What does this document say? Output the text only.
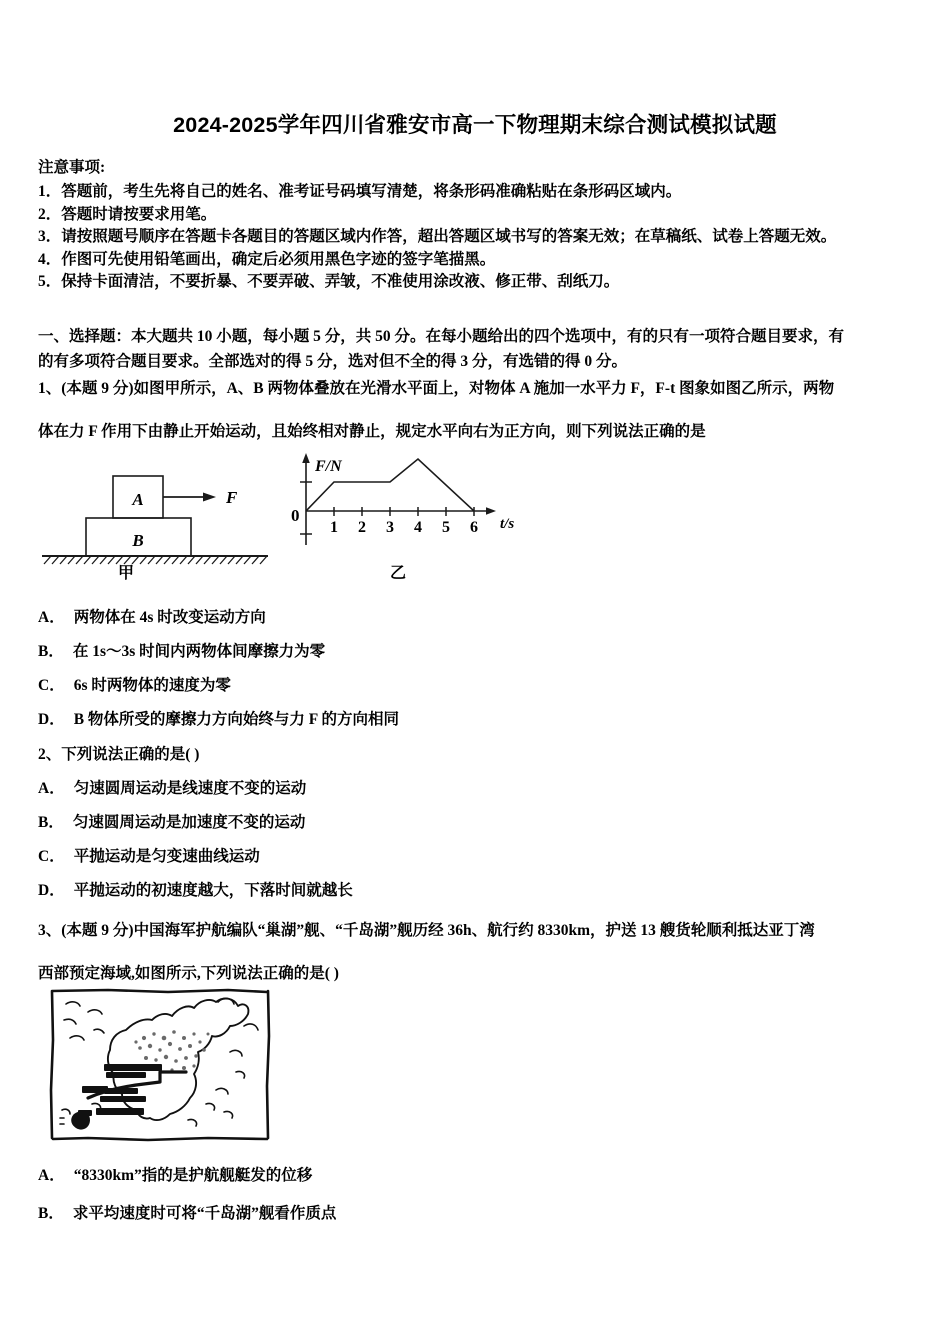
2024-2025学年四川省雅安市高一下物理期末综合测试模拟试题
注意事项:
1．答题前，考生先将自己的姓名、准考证号码填写清楚，将条形码准确粘贴在条形码区域内。
2．答题时请按要求用笔。
3．请按照题号顺序在答题卡各题目的答题区域内作答，超出答题区域书写的答案无效；在草稿纸、试卷上答题无效。
4．作图可先使用铅笔画出，确定后必须用黑色字迹的签字笔描黑。
5．保持卡面清洁，不要折暴、不要弄破、弄皱，不准使用涂改液、修正带、刮纸刀。
一、选择题：本大题共 10 小题，每小题 5 分，共 50 分。在每小题给出的四个选项中，有的只有一项符合题目要求，有
的有多项符合题目要求。全部选对的得 5 分，选对但不全的得 3 分，有选错的得 0 分。
1、(本题 9 分)如图甲所示，A、B 两物体叠放在光滑水平面上，对物体 A 施加一水平力 F，F-t 图象如图乙所示，两物
体在力 F 作用下由静止开始运动，且始终相对静止，规定水平向右为正方向，则下列说法正确的是
A
B
F
F/N
t/s
0
1 2 3 4 5 6
甲	乙
A． 两物体在 4s 时改变运动方向
B． 在 1s～3s 时间内两物体间摩擦力为零
C． 6s 时两物体的速度为零
D． B 物体所受的摩擦力方向始终与力 F 的方向相同
2、下列说法正确的是( )
A． 匀速圆周运动是线速度不变的运动
B． 匀速圆周运动是加速度不变的运动
C． 平抛运动是匀变速曲线运动
D． 平抛运动的初速度越大，下落时间就越长
3、(本题 9 分)中国海军护航编队“巢湖”舰、“千岛湖”舰历经 36h、航行约 8330km，护送 13 艘货轮顺利抵达亚丁湾
西部预定海域,如图所示,下列说法正确的是( )
A． “8330km”指的是护航舰艇发的位移
B． 求平均速度时可将“千岛湖”舰看作质点
